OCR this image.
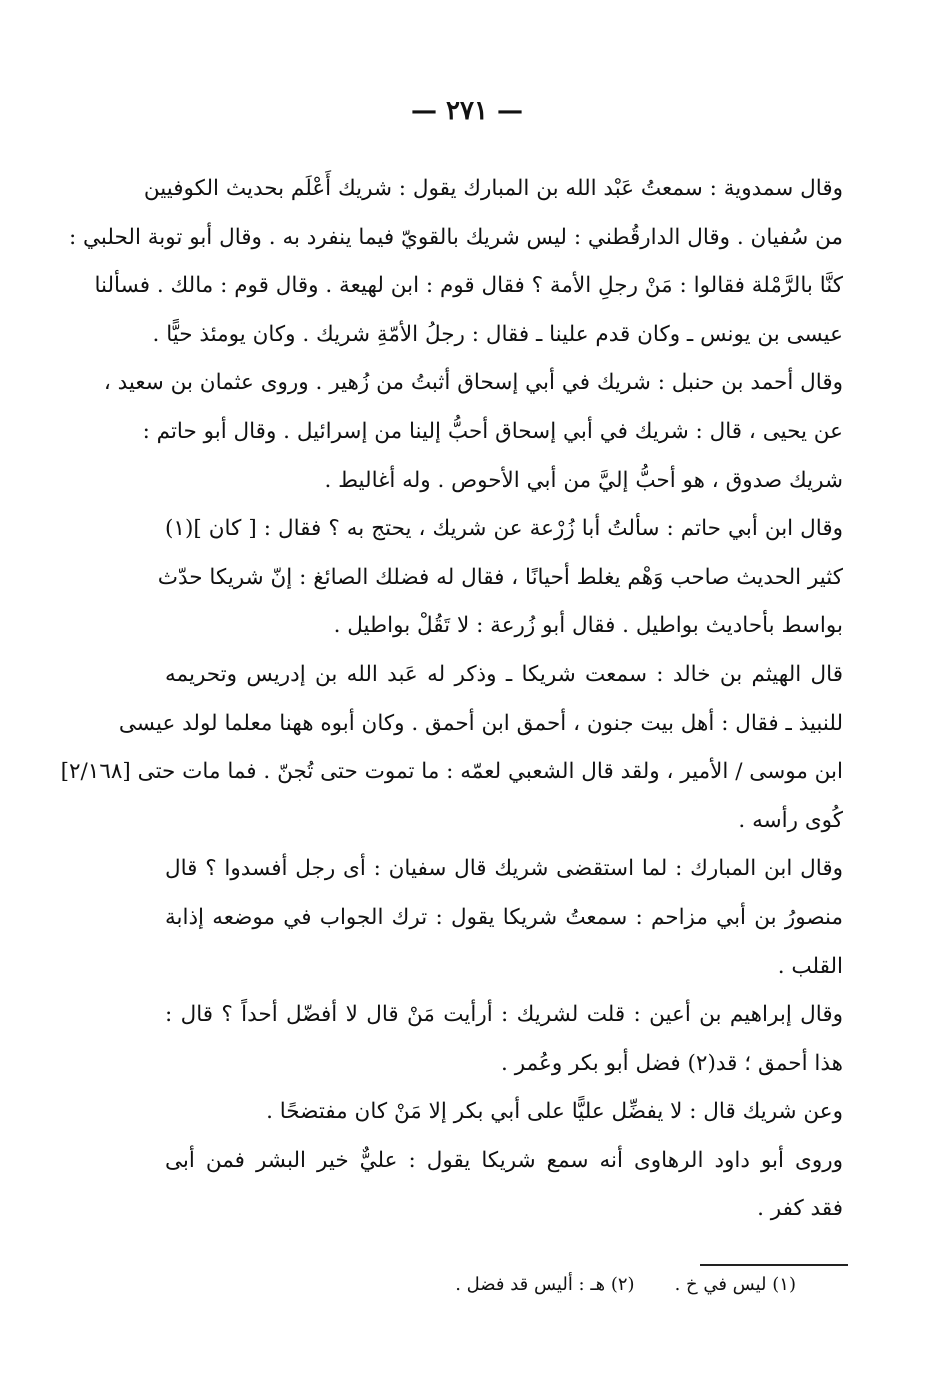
— ٢٧١ —
وقال سمدوية : سمعتُ عَبْد الله بن المبارك يقول : شريك أَعْلَم بحديث الكوفيين
من سُفيان . وقال الدارقُطني : ليس شريك بالقويّ فيما ينفرد به . وقال أبو توبة الحلبي :
كنَّا بالرَّمْلة فقالوا : مَنْ رجلِ الأمة ؟ فقال قوم : ابن لهيعة . وقال قوم : مالك . فسألنا
عيسى بن يونس ـ وكان قدم علينا ـ فقال : رجلُ الأمّةِ شريك . وكان يومئذ حيًّا .
وقال أحمد بن حنبل : شريك في أبي إسحاق أثبتُ من زُهير . وروى عثمان بن سعيد ،
عن يحيى ، قال : شريك في أبي إسحاق أحبُّ إلينا من إسرائيل . وقال أبو حاتم :
شريك صدوق ، هو أحبُّ إليَّ من أبي الأحوص . وله أغاليط .
وقال ابن أبي حاتم : سألتُ أبا زُرْعة عن شريك ، يحتج به ؟ فقال : [ كان ](١)
كثير الحديث صاحب وَهْم يغلط أحيانًا ، فقال له فضلك الصائغ : إنّ شريكا حدّث
بواسط بأحاديث بواطيل . فقال أبو زُرعة : لا تَقُلْ بواطيل .
قال الهيثم بن خالد : سمعت شريكا ـ وذكر له عَبد الله بن إدريس وتحريمه
للنبيذ ـ فقال : أهل بيت جنون ، أحمق ابن أحمق . وكان أبوه ههنا معلما لولد عيسى
ابن موسى / الأمير ، ولقد قال الشعبي لعمّه : ما تموت حتى تُجنّ . فما مات حتى [٢/١٦٨]
كُوى رأسه .
وقال ابن المبارك : لما استقضى شريك قال سفيان : أى رجل أفسدوا ؟ قال
منصورُ بن أبي مزاحم : سمعتُ شريكا يقول : ترك الجواب في موضعه إذابة
القلب .
وقال إبراهيم بن أعين : قلت لشريك : أرأيت مَنْ قال لا أفضّل أحداً ؟ قال :
هذا أحمق ؛ قد(٢) فضل أبو بكر وعُمر .
وعن شريك قال : لا يفضِّل عليًّا على أبي بكر إلا مَنْ كان مفتضحًا .
وروى أبو داود الرهاوى أنه سمع شريكا يقول : عليٌّ خير البشر فمن أبى
فقد كفر .
(١) ليس في خ .
(٢) هـ : أليس قد فضل .
